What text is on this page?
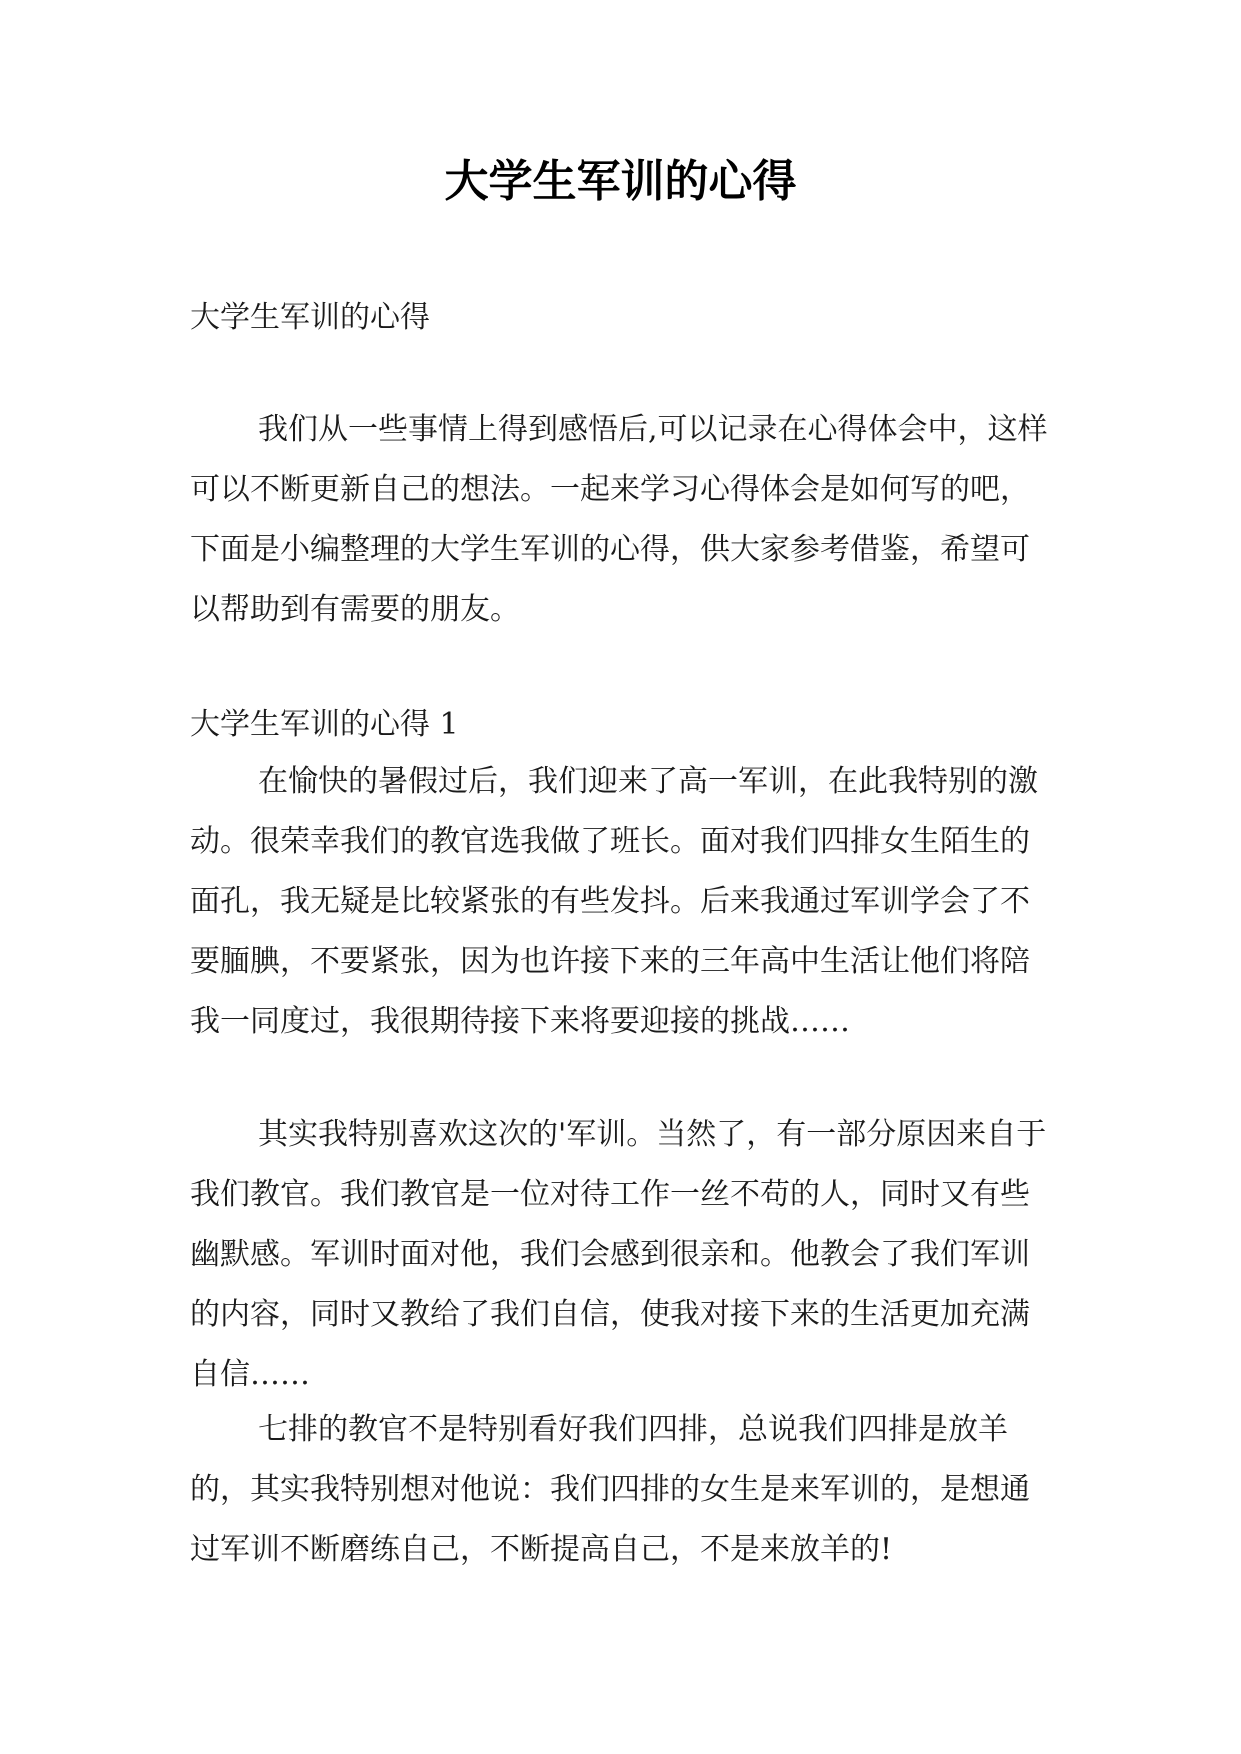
大学生军训的心得

大学生军训的心得

我们从一些事情上得到感悟后,可以记录在心得体会中，这样可以不断更新自己的想法。一起来学习心得体会是如何写的吧，下面是小编整理的大学生军训的心得，供大家参考借鉴，希望可以帮助到有需要的朋友。

大学生军训的心得 1

在愉快的暑假过后，我们迎来了高一军训，在此我特别的激动。很荣幸我们的教官选我做了班长。面对我们四排女生陌生的面孔，我无疑是比较紧张的有些发抖。后来我通过军训学会了不要腼腆，不要紧张，因为也许接下来的三年高中生活让他们将陪我一同度过，我很期待接下来将要迎接的挑战……

其实我特别喜欢这次的'军训。当然了，有一部分原因来自于我们教官。我们教官是一位对待工作一丝不苟的人，同时又有些幽默感。军训时面对他，我们会感到很亲和。他教会了我们军训的内容，同时又教给了我们自信，使我对接下来的生活更加充满自信……

七排的教官不是特别看好我们四排，总说我们四排是放羊的，其实我特别想对他说：我们四排的女生是来军训的，是想通过军训不断磨练自己，不断提高自己，不是来放羊的!
